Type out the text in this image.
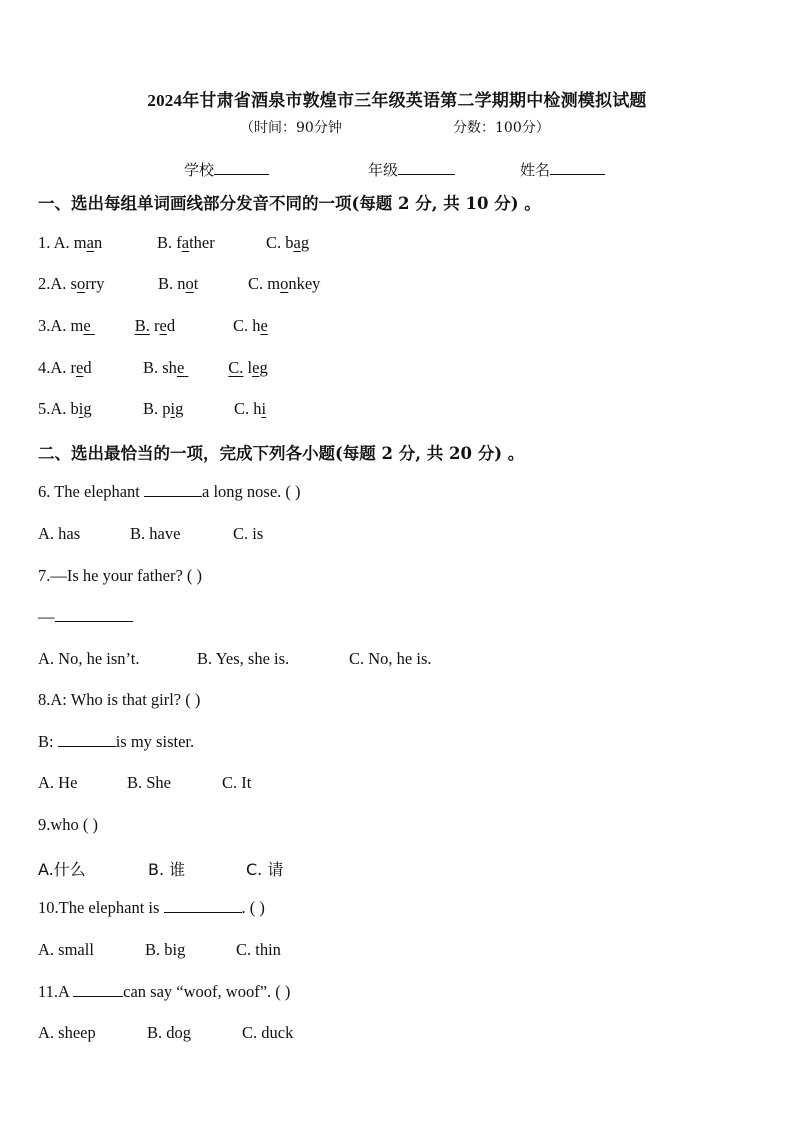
2024年甘肃省酒泉市敦煌市三年级英语第二学期期中检测模拟试题
（时间：90分钟	分数：100分）
学校	年级	姓名
一、选出每组单词画线部分发音不同的一项(每题 2 分, 共 10 分) 。
1. A. man	B. father	C. bag
2.A. sorry	B. not	C. monkey
3.A. me	B. red	C. he
4.A. red	B. she	C. leg
5.A. big	B. pig	C. hi
二、选出最恰当的一项，完成下列各小题(每题 2 分, 共 20 分) 。
6. The elephant	a long nose. ( )
A. has	B. have	C. is
7.—Is he your father? ( )
—
A. No, he isn’t.	B. Yes, she is.	C. No, he is.
8.A: Who is that girl? ( )
B:	is my sister.
A. He	B. She	C. It
9.who ( )
A.什么	B. 谁	C. 请
10.The elephant is	. ( )
A. small	B. big	C. thin
11.A	can say “woof, woof”. ( )
A. sheep	B. dog	C. duck
